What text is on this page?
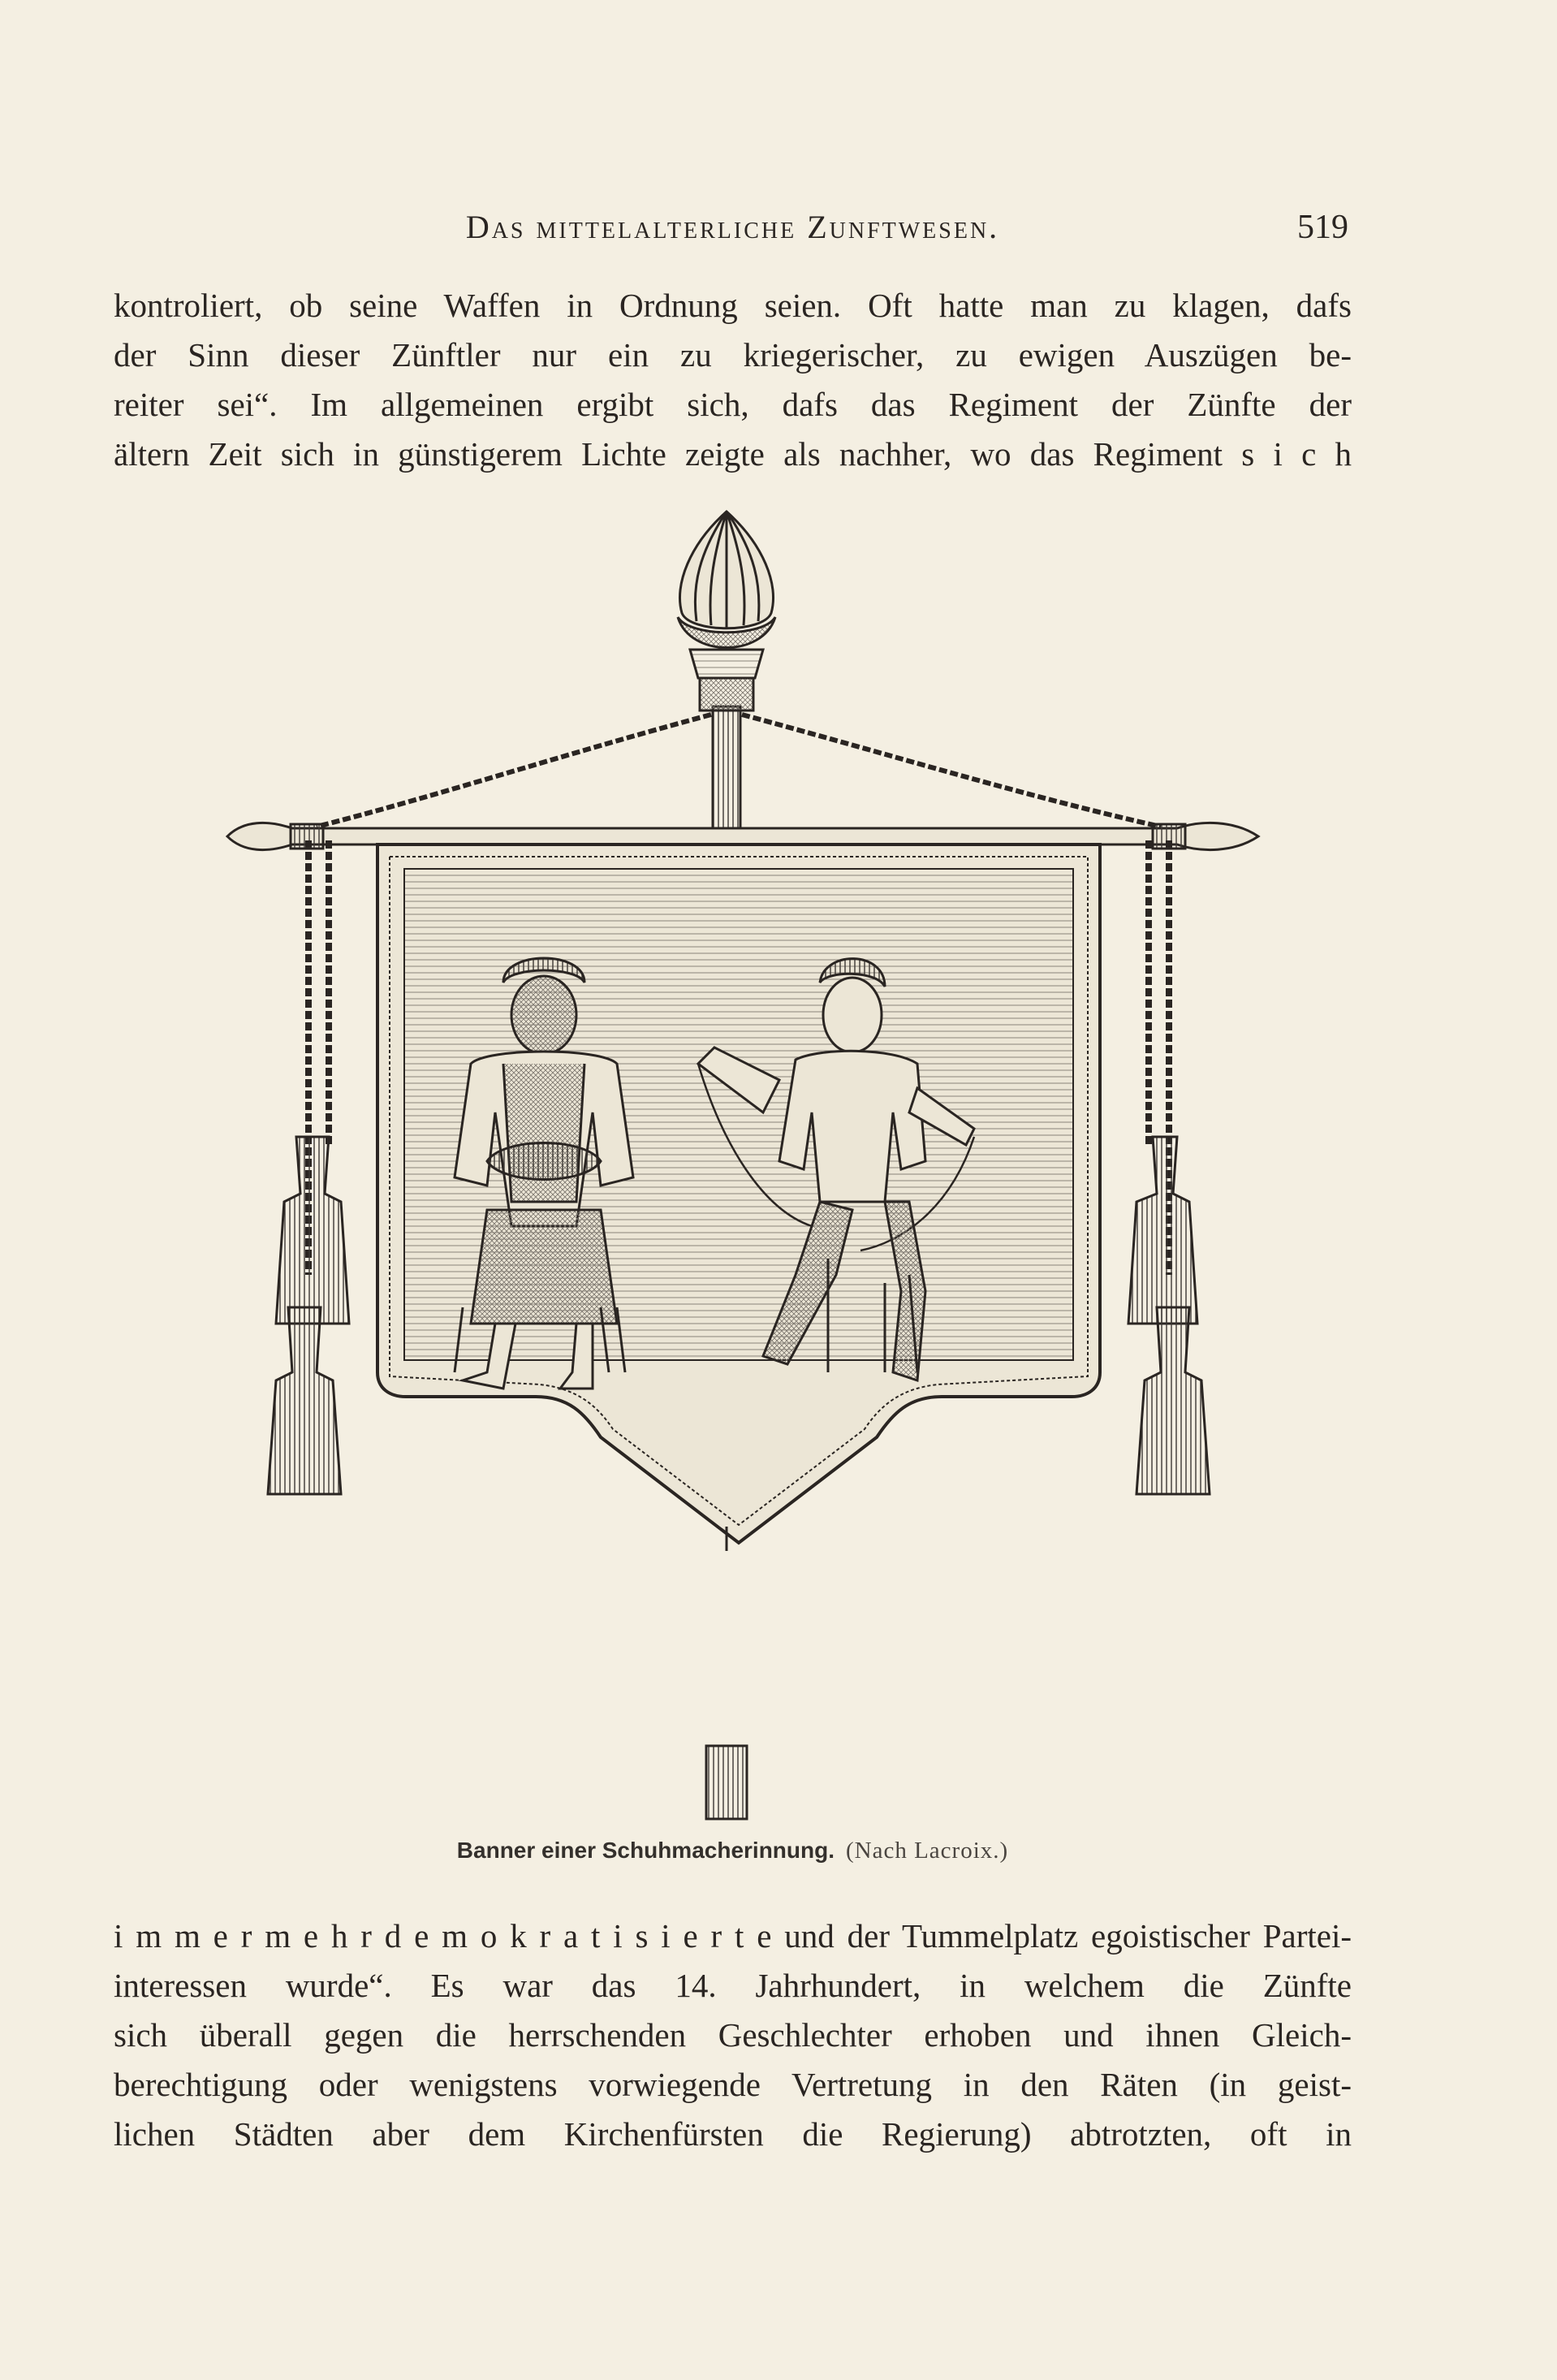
Das mittelalterliche Zunftwesen.	519
kontroliert, ob seine Waffen in Ordnung seien. Oft hatte man zu klagen, dafs
der Sinn dieser Zünftler nur ein zu kriegerischer, zu ewigen Auszügen be-
reiter sei“. Im allgemeinen ergibt sich, dafs das Regiment der Zünfte der
ältern Zeit sich in günstigerem Lichte zeigte als nachher, wo das Regiment s i c h
Banner einer Schuhmacherinnung. (Nach Lacroix.)
i m m e r m e h r d e m o k r a t i s i e r t e und der Tummelplatz egoistischer Partei-
interessen wurde“. Es war das 14. Jahrhundert, in welchem die Zünfte
sich überall gegen die herrschenden Geschlechter erhoben und ihnen Gleich-
berechtigung oder wenigstens vorwiegende Vertretung in den Räten (in geist-
lichen Städten aber dem Kirchenfürsten die Regierung) abtrotzten, oft in
